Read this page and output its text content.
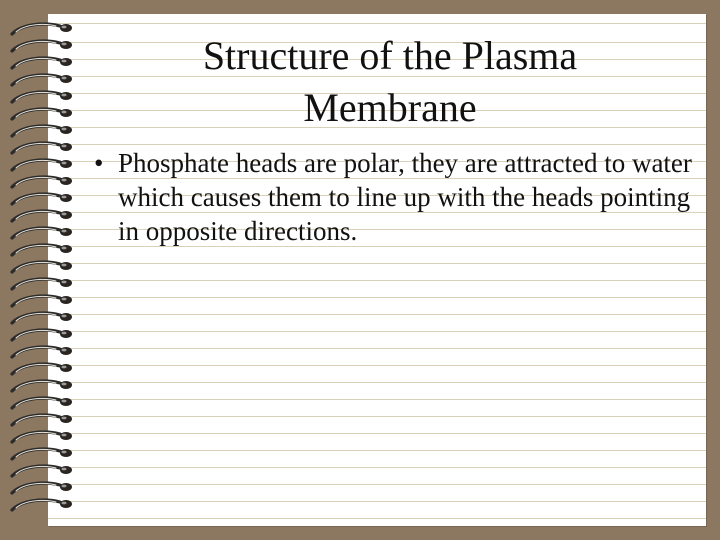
Structure of the Plasma
Membrane
• Phosphate heads are polar, they are attracted to water which causes them to line up with the heads pointing in opposite directions.
